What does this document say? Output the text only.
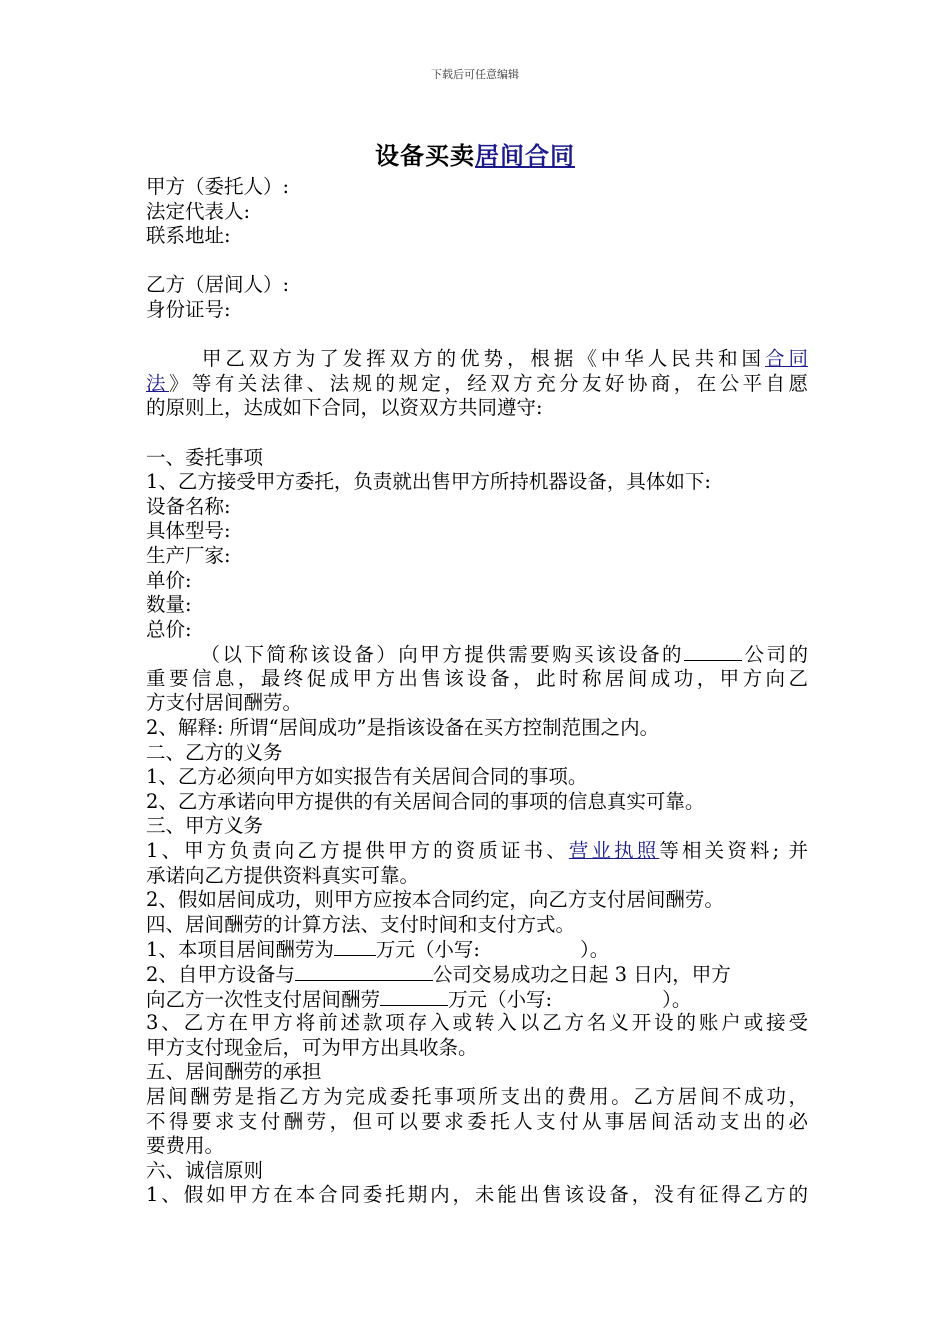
下载后可任意编辑
设备买卖居间合同
甲方（委托人）:
法定代表人:
联系地址:
乙方（居间人）:
身份证号:
甲乙双方为了发挥双方的优势，根据《中华人民共和国合同
法》等有关法律、法规的规定，经双方充分友好协商，在公平自愿
的原则上，达成如下合同，以资双方共同遵守:
一、委托事项
1、乙方接受甲方委托，负责就出售甲方所持机器设备，具体如下:
设备名称:
具体型号:
生产厂家:
单价:
数量:
总价:
（以下简称该设备）向甲方提供需要购买该设备的	公司的
重要信息，最终促成甲方出售该设备，此时称居间成功，甲方向乙
方支付居间酬劳。
2、解释: 所谓“居间成功”是指该设备在买方控制范围之内。
二、乙方的义务
1、乙方必须向甲方如实报告有关居间合同的事项。
2、乙方承诺向甲方提供的有关居间合同的事项的信息真实可靠。
三、甲方义务
1、甲方负责向乙方提供甲方的资质证书、营业执照等相关资料; 并
承诺向乙方提供资料真实可靠。
2、假如居间成功，则甲方应按本合同约定，向乙方支付居间酬劳。
四、居间酬劳的计算方法、支付时间和支付方式。
1、本项目居间酬劳为 万元（小写:	）。
2、自甲方设备与	公司交易成功之日起 3 日内，甲方
向乙方一次性支付居间酬劳	万元（小写:	）。
3、乙方在甲方将前述款项存入或转入以乙方名义开设的账户或接受
甲方支付现金后，可为甲方出具收条。
五、居间酬劳的承担
居间酬劳是指乙方为完成委托事项所支出的费用。乙方居间不成功，
不得要求支付酬劳，但可以要求委托人支付从事居间活动支出的必
要费用。
六、诚信原则
1、假如甲方在本合同委托期内，未能出售该设备，没有征得乙方的
